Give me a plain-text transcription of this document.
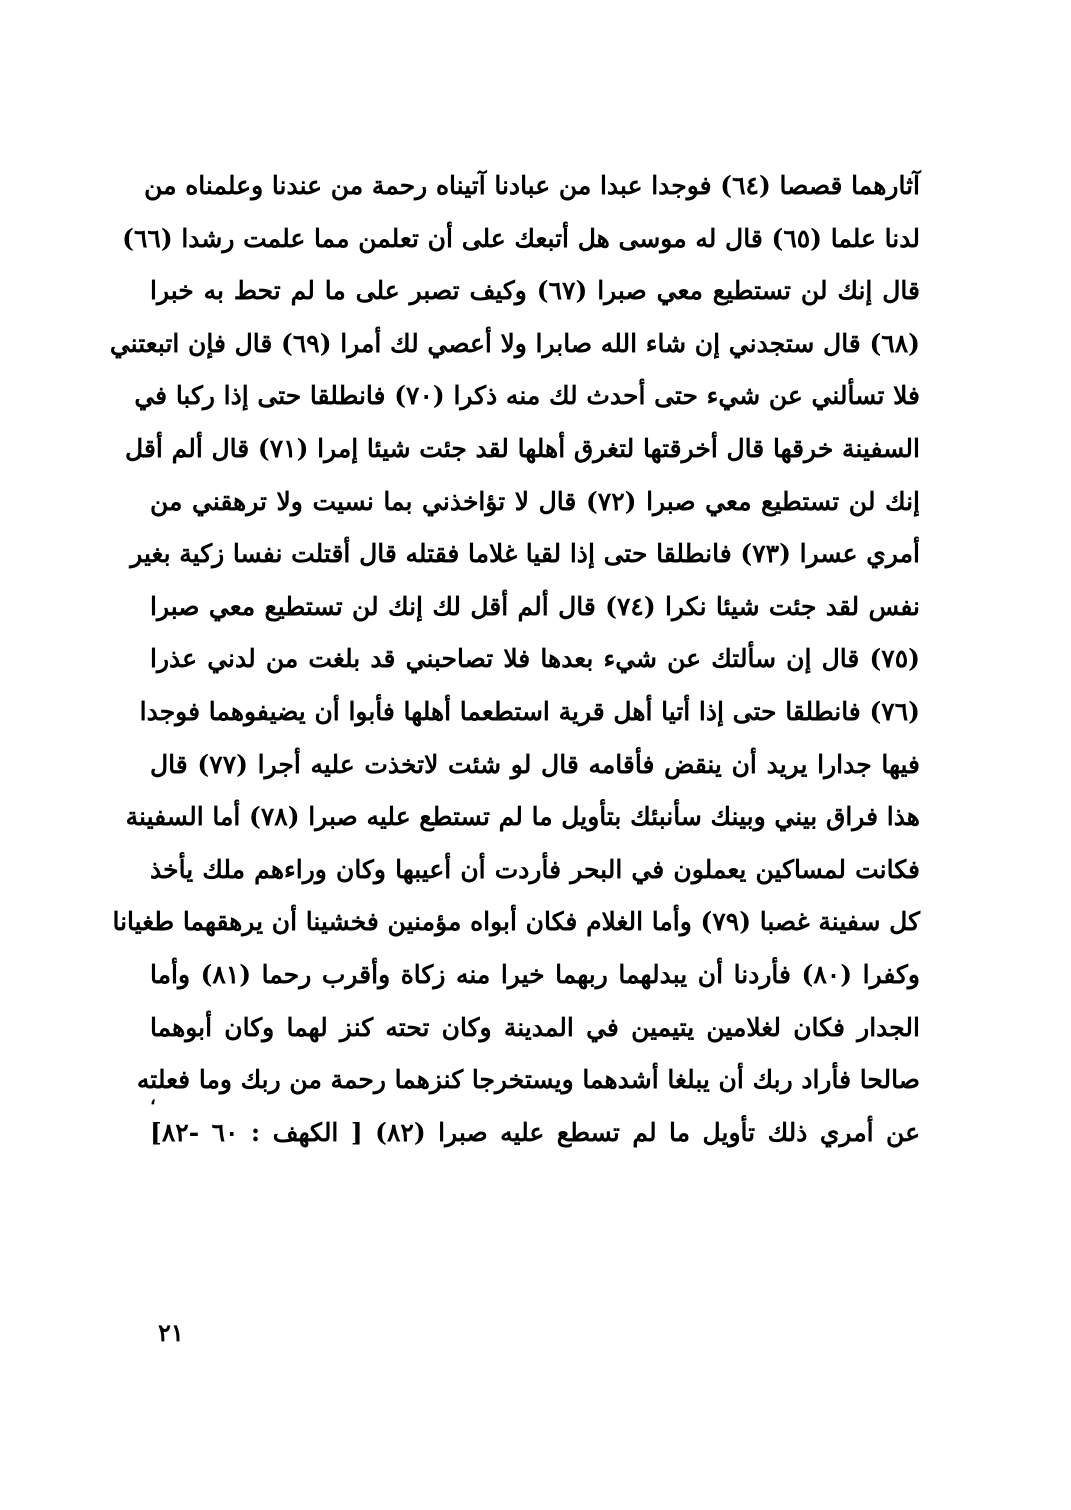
آثارهما قصصا (٦٤) فوجدا عبدا من عبادنا آتيناه رحمة من عندنا وعلمناه من
لدنا علما (٦٥) قال له موسى هل أتبعك على أن تعلمن مما علمت رشدا (٦٦)
قال إنك لن تستطيع معي صبرا (٦٧) وكيف تصبر على ما لم تحط به خبرا
(٦٨) قال ستجدني إن شاء الله صابرا ولا أعصي لك أمرا (٦٩) قال فإن اتبعتني
فلا تسألني عن شيء حتى أحدث لك منه ذكرا (٧٠) فانطلقا حتى إذا ركبا في
السفينة خرقها قال أخرقتها لتغرق أهلها لقد جئت شيئا إمرا (٧١) قال ألم أقل
إنك لن تستطيع معي صبرا (٧٢) قال لا تؤاخذني بما نسيت ولا ترهقني من
أمري عسرا (٧٣) فانطلقا حتى إذا لقيا غلاما فقتله قال أقتلت نفسا زكية بغير
نفس لقد جئت شيئا نكرا (٧٤) قال ألم أقل لك إنك لن تستطيع معي صبرا
(٧٥) قال إن سألتك عن شيء بعدها فلا تصاحبني قد بلغت من لدني عذرا
(٧٦) فانطلقا حتى إذا أتيا أهل قرية استطعما أهلها فأبوا أن يضيفوهما فوجدا
فيها جدارا يريد أن ينقض فأقامه قال لو شئت لاتخذت عليه أجرا (٧٧) قال
هذا فراق بيني وبينك سأنبئك بتأويل ما لم تستطع عليه صبرا (٧٨) أما السفينة
فكانت لمساكين يعملون في البحر فأردت أن أعيبها وكان وراءهم ملك يأخذ
كل سفينة غصبا (٧٩) وأما الغلام فكان أبواه مؤمنين فخشينا أن يرهقهما طغيانا
وكفرا (٨٠) فأردنا أن يبدلهما ربهما خيرا منه زكاة وأقرب رحما (٨١) وأما
الجدار فكان لغلامين يتيمين في المدينة وكان تحته كنز لهما وكان أبوهما
صالحا فأراد ربك أن يبلغا أشدهما ويستخرجا كنزهما رحمة من ربك وما فعلته
عن أمري ذلك تأويل ما لم تسطع عليه صبرا (٨٢) [ الكهف : ٦٠ -٨٢]
،
٢١
